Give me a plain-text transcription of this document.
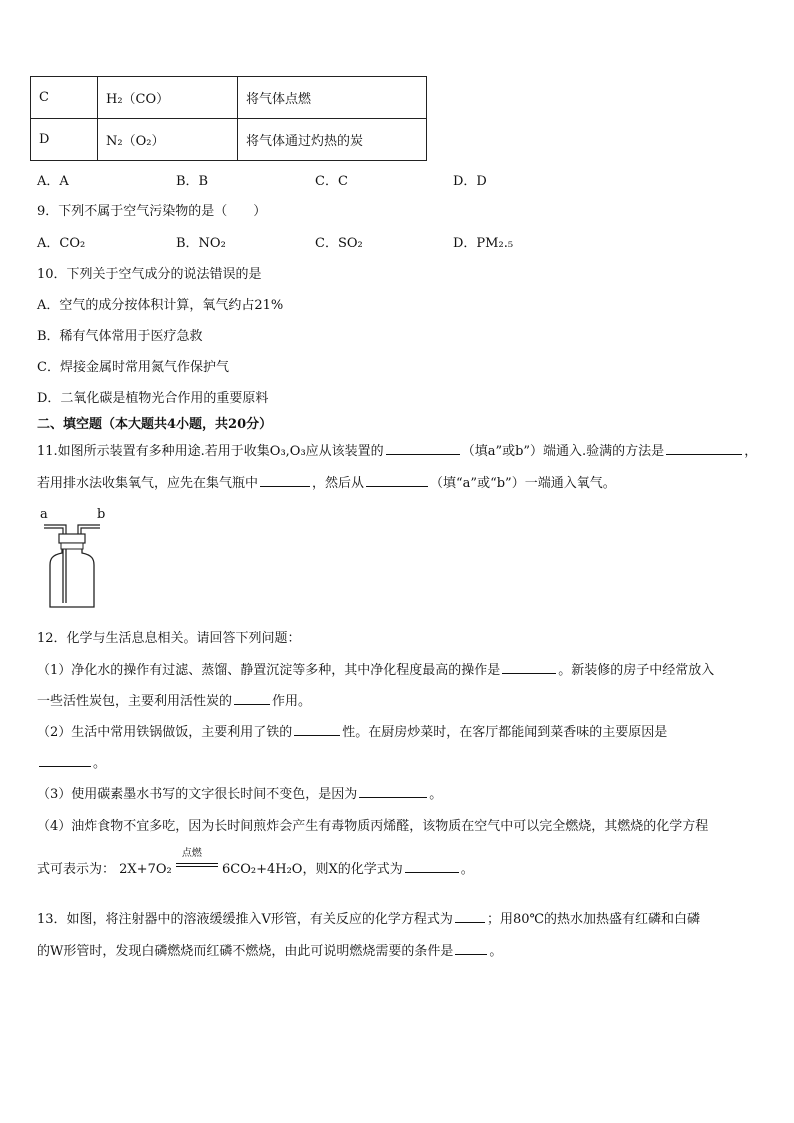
C	H₂（CO）	将气体点燃
D	N₂（O₂）	将气体通过灼热的炭
A．A	B．B	C．C	D．D
9．下列不属于空气污染物的是（　　）
A．CO₂	B．NO₂	C．SO₂	D．PM₂.₅
10．下列关于空气成分的说法错误的是
A．空气的成分按体积计算，氧气约占21%
B．稀有气体常用于医疗急救
C．焊接金属时常用氮气作保护气
D．二氧化碳是植物光合作用的重要原料
二、填空题（本大题共4小题，共20分）
11.如图所示装置有多种用途.若用于收集O₃,O₃应从该装置的	（填a”或b”）端通入.验满的方法是	，
若用排水法收集氧气，应先在集气瓶中	，然后从	（填“a”或“b”）一端通入氧气。
a	b
12．化学与生活息息相关。请回答下列问题：
（1）净化水的操作有过滤、蒸馏、静置沉淀等多种，其中净化程度最高的操作是	。新装修的房子中经常放入
一些活性炭包，主要利用活性炭的	作用。
（2）生活中常用铁锅做饭，主要利用了铁的	性。在厨房炒菜时，在客厅都能闻到菜香味的主要原因是
。
（3）使用碳素墨水书写的文字很长时间不变色，是因为	。
（4）油炸食物不宜多吃，因为长时间煎炸会产生有毒物质丙烯醛，该物质在空气中可以完全燃烧，其燃烧的化学方程
式可表示为： 2X+7O₂
点燃
6CO₂+4H₂O，则X的化学式为	。
13．如图，将注射器中的溶液缓缓推入V形管，有关反应的化学方程式为	；用80℃的热水加热盛有红磷和白磷
的W形管时，发现白磷燃烧而红磷不燃烧，由此可说明燃烧需要的条件是	。
